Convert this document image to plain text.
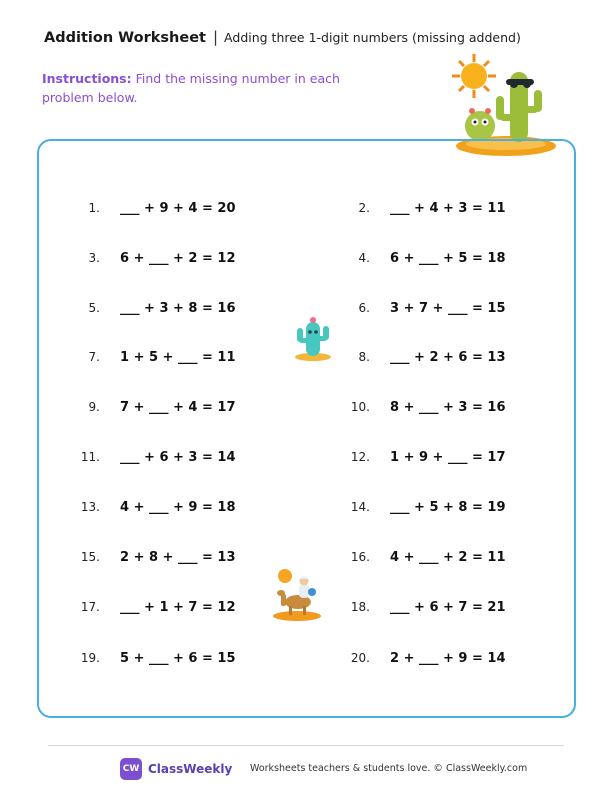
Addition Worksheet | Adding three 1-digit numbers (missing addend)
Instructions: Find the missing number in each problem below.
1. ___ + 9 + 4 = 20	2. ___ + 4 + 3 = 11
3. 6 + ___ + 2 = 12	4. 6 + ___ + 5 = 18
5. ___ + 3 + 8 = 16	6. 3 + 7 + ___ = 15
7. 1 + 5 + ___ = 11	8. ___ + 2 + 6 = 13
9. 7 + ___ + 4 = 17	10. 8 + ___ + 3 = 16
11. ___ + 6 + 3 = 14	12. 1 + 9 + ___ = 17
13. 4 + ___ + 9 = 18	14. ___ + 5 + 8 = 19
15. 2 + 8 + ___ = 13	16. 4 + ___ + 2 = 11
17. ___ + 1 + 7 = 12	18. ___ + 6 + 7 = 21
19. 5 + ___ + 6 = 15	20. 2 + ___ + 9 = 14
CW ClassWeekly Worksheets teachers & students love. © ClassWeekly.com
